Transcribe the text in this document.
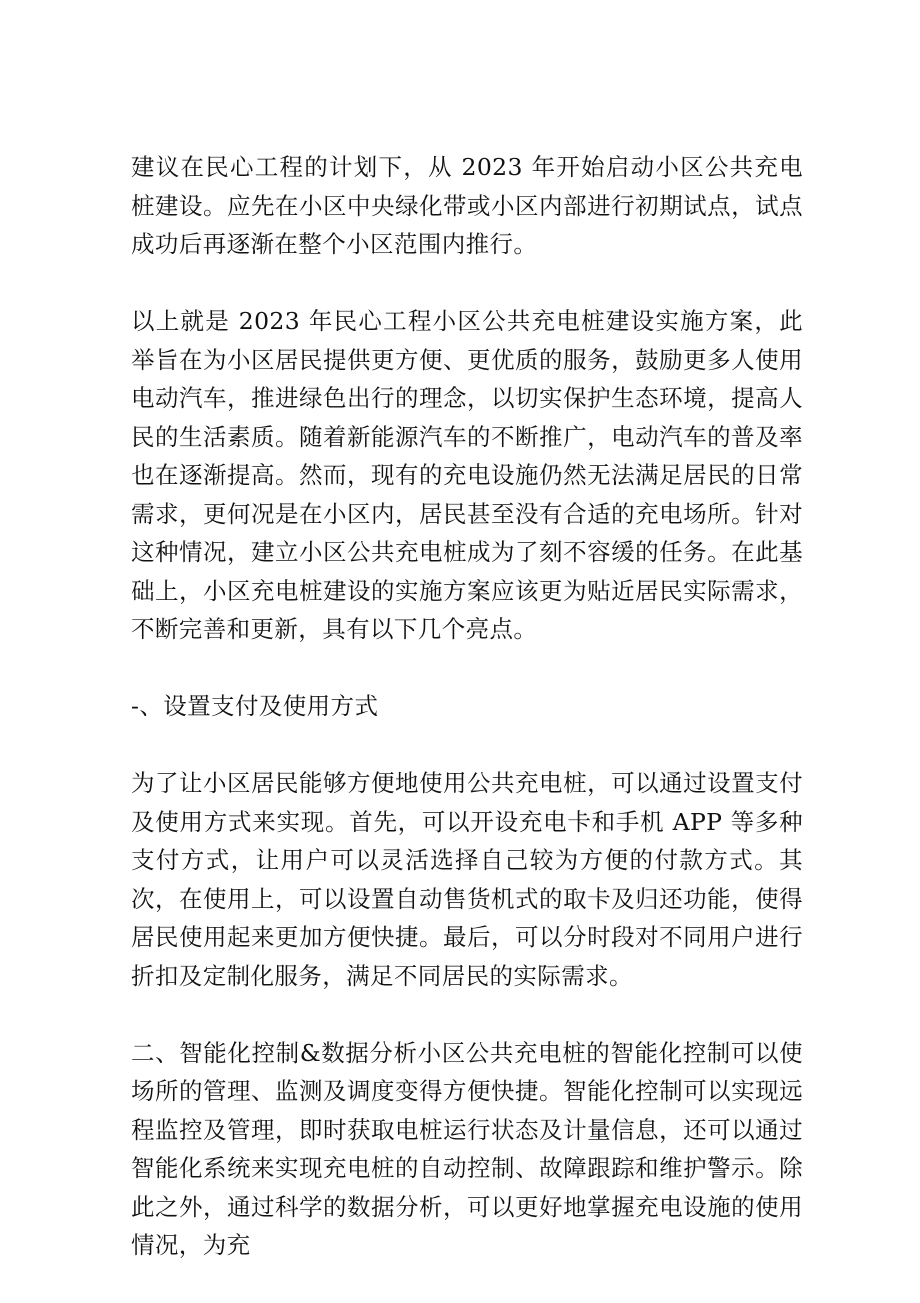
建议在民心工程的计划下，从 2023 年开始启动小区公共充电桩建设。应先在小区中央绿化带或小区内部进行初期试点，试点成功后再逐渐在整个小区范围内推行。

以上就是 2023 年民心工程小区公共充电桩建设实施方案，此举旨在为小区居民提供更方便、更优质的服务，鼓励更多人使用电动汽车，推进绿色出行的理念，以切实保护生态环境，提高人民的生活素质。随着新能源汽车的不断推广，电动汽车的普及率也在逐渐提高。然而，现有的充电设施仍然无法满足居民的日常需求，更何况是在小区内，居民甚至没有合适的充电场所。针对这种情况，建立小区公共充电桩成为了刻不容缓的任务。在此基础上，小区充电桩建设的实施方案应该更为贴近居民实际需求，不断完善和更新，具有以下几个亮点。

-、设置支付及使用方式

为了让小区居民能够方便地使用公共充电桩，可以通过设置支付及使用方式来实现。首先，可以开设充电卡和手机 APP 等多种支付方式，让用户可以灵活选择自己较为方便的付款方式。其次，在使用上，可以设置自动售货机式的取卡及归还功能，使得居民使用起来更加方便快捷。最后，可以分时段对不同用户进行折扣及定制化服务，满足不同居民的实际需求。

二、智能化控制&数据分析小区公共充电桩的智能化控制可以使场所的管理、监测及调度变得方便快捷。智能化控制可以实现远程监控及管理，即时获取电桩运行状态及计量信息，还可以通过智能化系统来实现充电桩的自动控制、故障跟踪和维护警示。除此之外，通过科学的数据分析，可以更好地掌握充电设施的使用情况，为充
